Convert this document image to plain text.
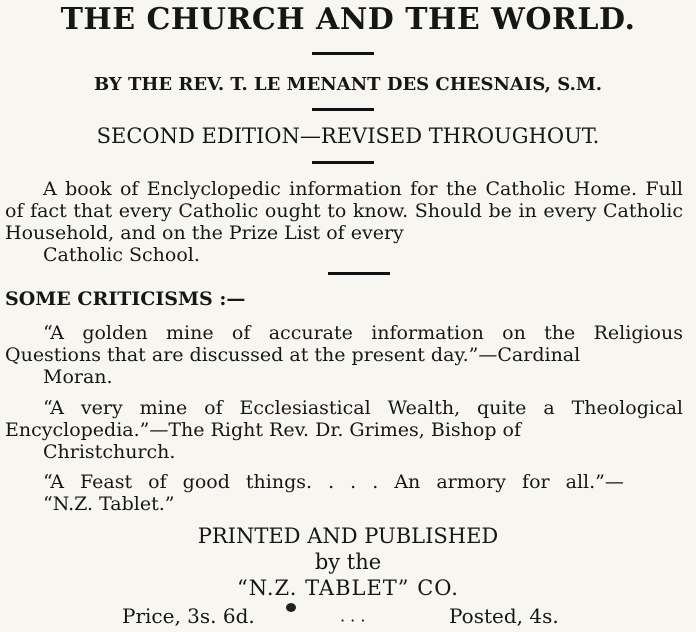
THE CHURCH AND THE WORLD.
BY THE REV. T. LE MENANT DES CHESNAIS, S.M.
SECOND EDITION—REVISED THROUGHOUT.

A book of Enclyclopedic information for the Catholic Home. Full of fact that every Catholic ought to know. Should be in every Catholic Household, and on the Prize List of every
Catholic School.

SOME CRITICISMS :—

“A golden mine of accurate information on the Religious Questions that are discussed at the present day.”—Cardinal
Moran.

“A very mine of Ecclesiastical Wealth, quite a Theological Encyclopedia.”—The Right Rev. Dr. Grimes, Bishop of
Christchurch.

“A Feast of good things. . . . An armory for all.”—
“N.Z. Tablet.”

PRINTED AND PUBLISHED
by the
“N.Z. TABLET” CO.
Price, 3s. 6d.	Posted, 4s.
· · ·
